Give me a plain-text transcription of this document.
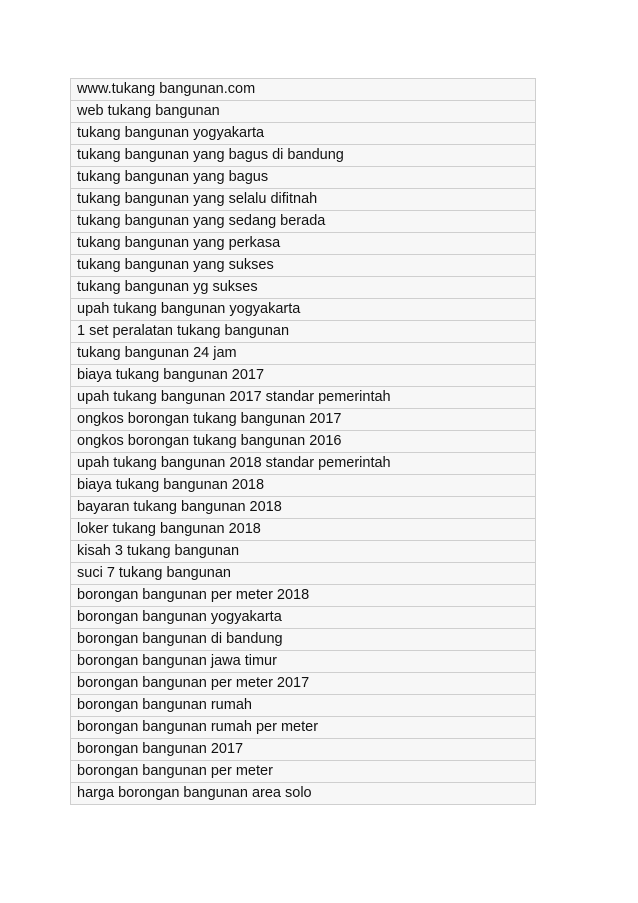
www.tukang bangunan.com
web tukang bangunan
tukang bangunan yogyakarta
tukang bangunan yang bagus di bandung
tukang bangunan yang bagus
tukang bangunan yang selalu difitnah
tukang bangunan yang sedang berada
tukang bangunan yang perkasa
tukang bangunan yang sukses
tukang bangunan yg sukses
upah tukang bangunan yogyakarta
1 set peralatan tukang bangunan
tukang bangunan 24 jam
biaya tukang bangunan 2017
upah tukang bangunan 2017 standar pemerintah
ongkos borongan tukang bangunan 2017
ongkos borongan tukang bangunan 2016
upah tukang bangunan 2018 standar pemerintah
biaya tukang bangunan 2018
bayaran tukang bangunan 2018
loker tukang bangunan 2018
kisah 3 tukang bangunan
suci 7 tukang bangunan
borongan bangunan per meter 2018
borongan bangunan yogyakarta
borongan bangunan di bandung
borongan bangunan jawa timur
borongan bangunan per meter 2017
borongan bangunan rumah
borongan bangunan rumah per meter
borongan bangunan 2017
borongan bangunan per meter
harga borongan bangunan area solo
